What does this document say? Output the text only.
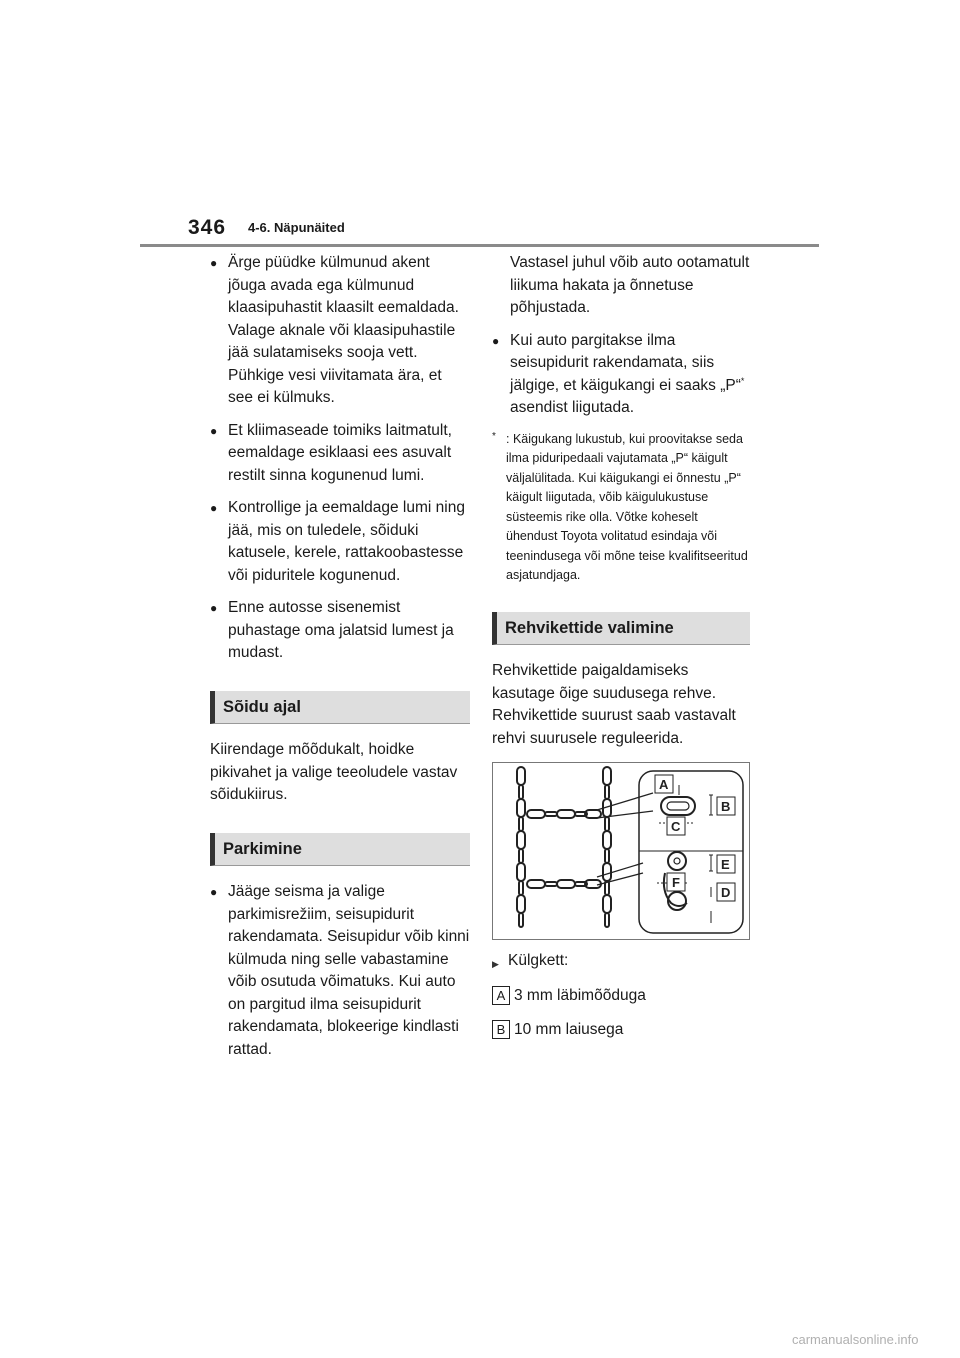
346 4-6. Näpunäited
● Ärge püüdke külmunud akent jõuga avada ega külmunud klaasipuhastit klaasilt eemaldada. Valage aknale või klaasipuhastile jää sulatamiseks sooja vett. Pühkige vesi viivitamata ära, et see ei külmuks.
● Et kliimaseade toimiks laitmatult, eemaldage esiklaasi ees asuvalt restilt sinna kogunenud lumi.
● Kontrollige ja eemaldage lumi ning jää, mis on tuledele, sõiduki katusele, kerele, rattakoobastesse või piduritele kogunenud.
● Enne autosse sisenemist puhastage oma jalatsid lumest ja mudast.
Sõidu ajal
Kiirendage mõõdukalt, hoidke pikivahet ja valige teeoludele vastav sõidukiirus.
Parkimine
● Jääge seisma ja valige parkimisrežiim, seisupidurit rakendamata. Seisupidur võib kinni külmuda ning selle vabastamine võib osutuda võimatuks. Kui auto on pargitud ilma seisupidurit rakendamata, blokeerige kindlasti rattad.
Vastasel juhul võib auto ootamatult liikuma hakata ja õnnetuse põhjustada.
● Kui auto pargitakse ilma seisupidurit rakendamata, siis jälgige, et käigukangi ei saaks „P“* asendist liigutada.
* : Käigukang lukustub, kui proovitakse seda ilma piduripedaali vajutamata „P“ käigult väljalülitada. Kui käigukangi ei õnnestu „P“ käigult liigutada, võib käigulukustuse süsteemis rike olla. Võtke koheselt ühendust Toyota volitatud esindaja või teenindusega või mõne teise kvalifitseeritud asjatundjaga.
Rehvikettide valimine
Rehvikettide paigaldamiseks kasutage õige suudusega rehve. Rehvikettide suurust saab vastavalt rehvi suurusele reguleerida.
A
B
C
E
F
D
▶ Külgkett:
A 3 mm läbimõõduga
B 10 mm laiusega
carmanualsonline.info
